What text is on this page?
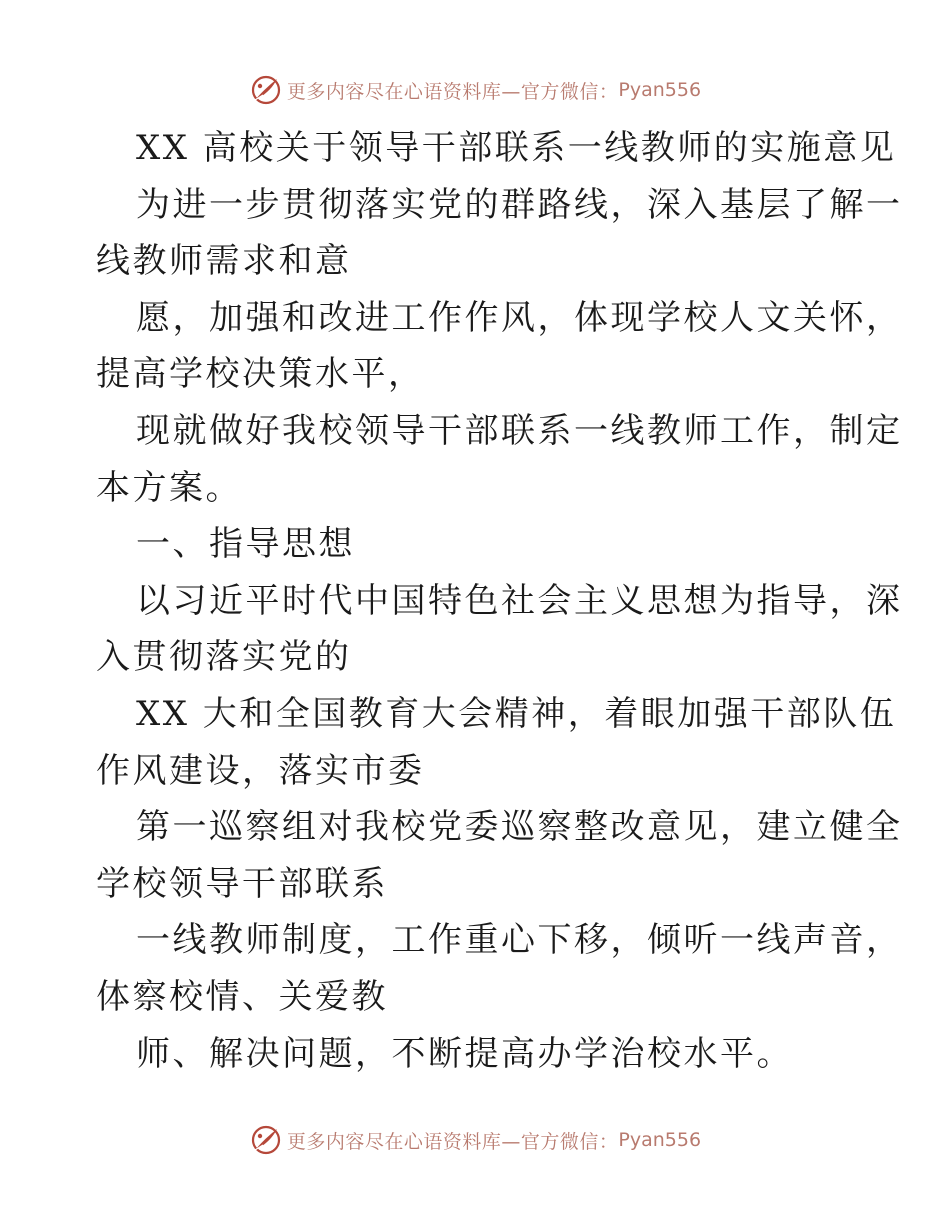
更多内容尽在心语资料库—官方微信： Pyan556
XX 高校关于领导干部联系一线教师的实施意见
为进一步贯彻落实党的群路线，深入基层了解一
线教师需求和意
愿，加强和改进工作作风，体现学校人文关怀，
提高学校决策水平，
现就做好我校领导干部联系一线教师工作，制定
本方案。
一、指导思想
以习近平时代中国特色社会主义思想为指导，深
入贯彻落实党的
XX 大和全国教育大会精神，着眼加强干部队伍
作风建设，落实市委
第一巡察组对我校党委巡察整改意见，建立健全
学校领导干部联系
一线教师制度，工作重心下移，倾听一线声音，
体察校情、关爱教
师、解决问题，不断提高办学治校水平。
更多内容尽在心语资料库—官方微信： Pyan556
